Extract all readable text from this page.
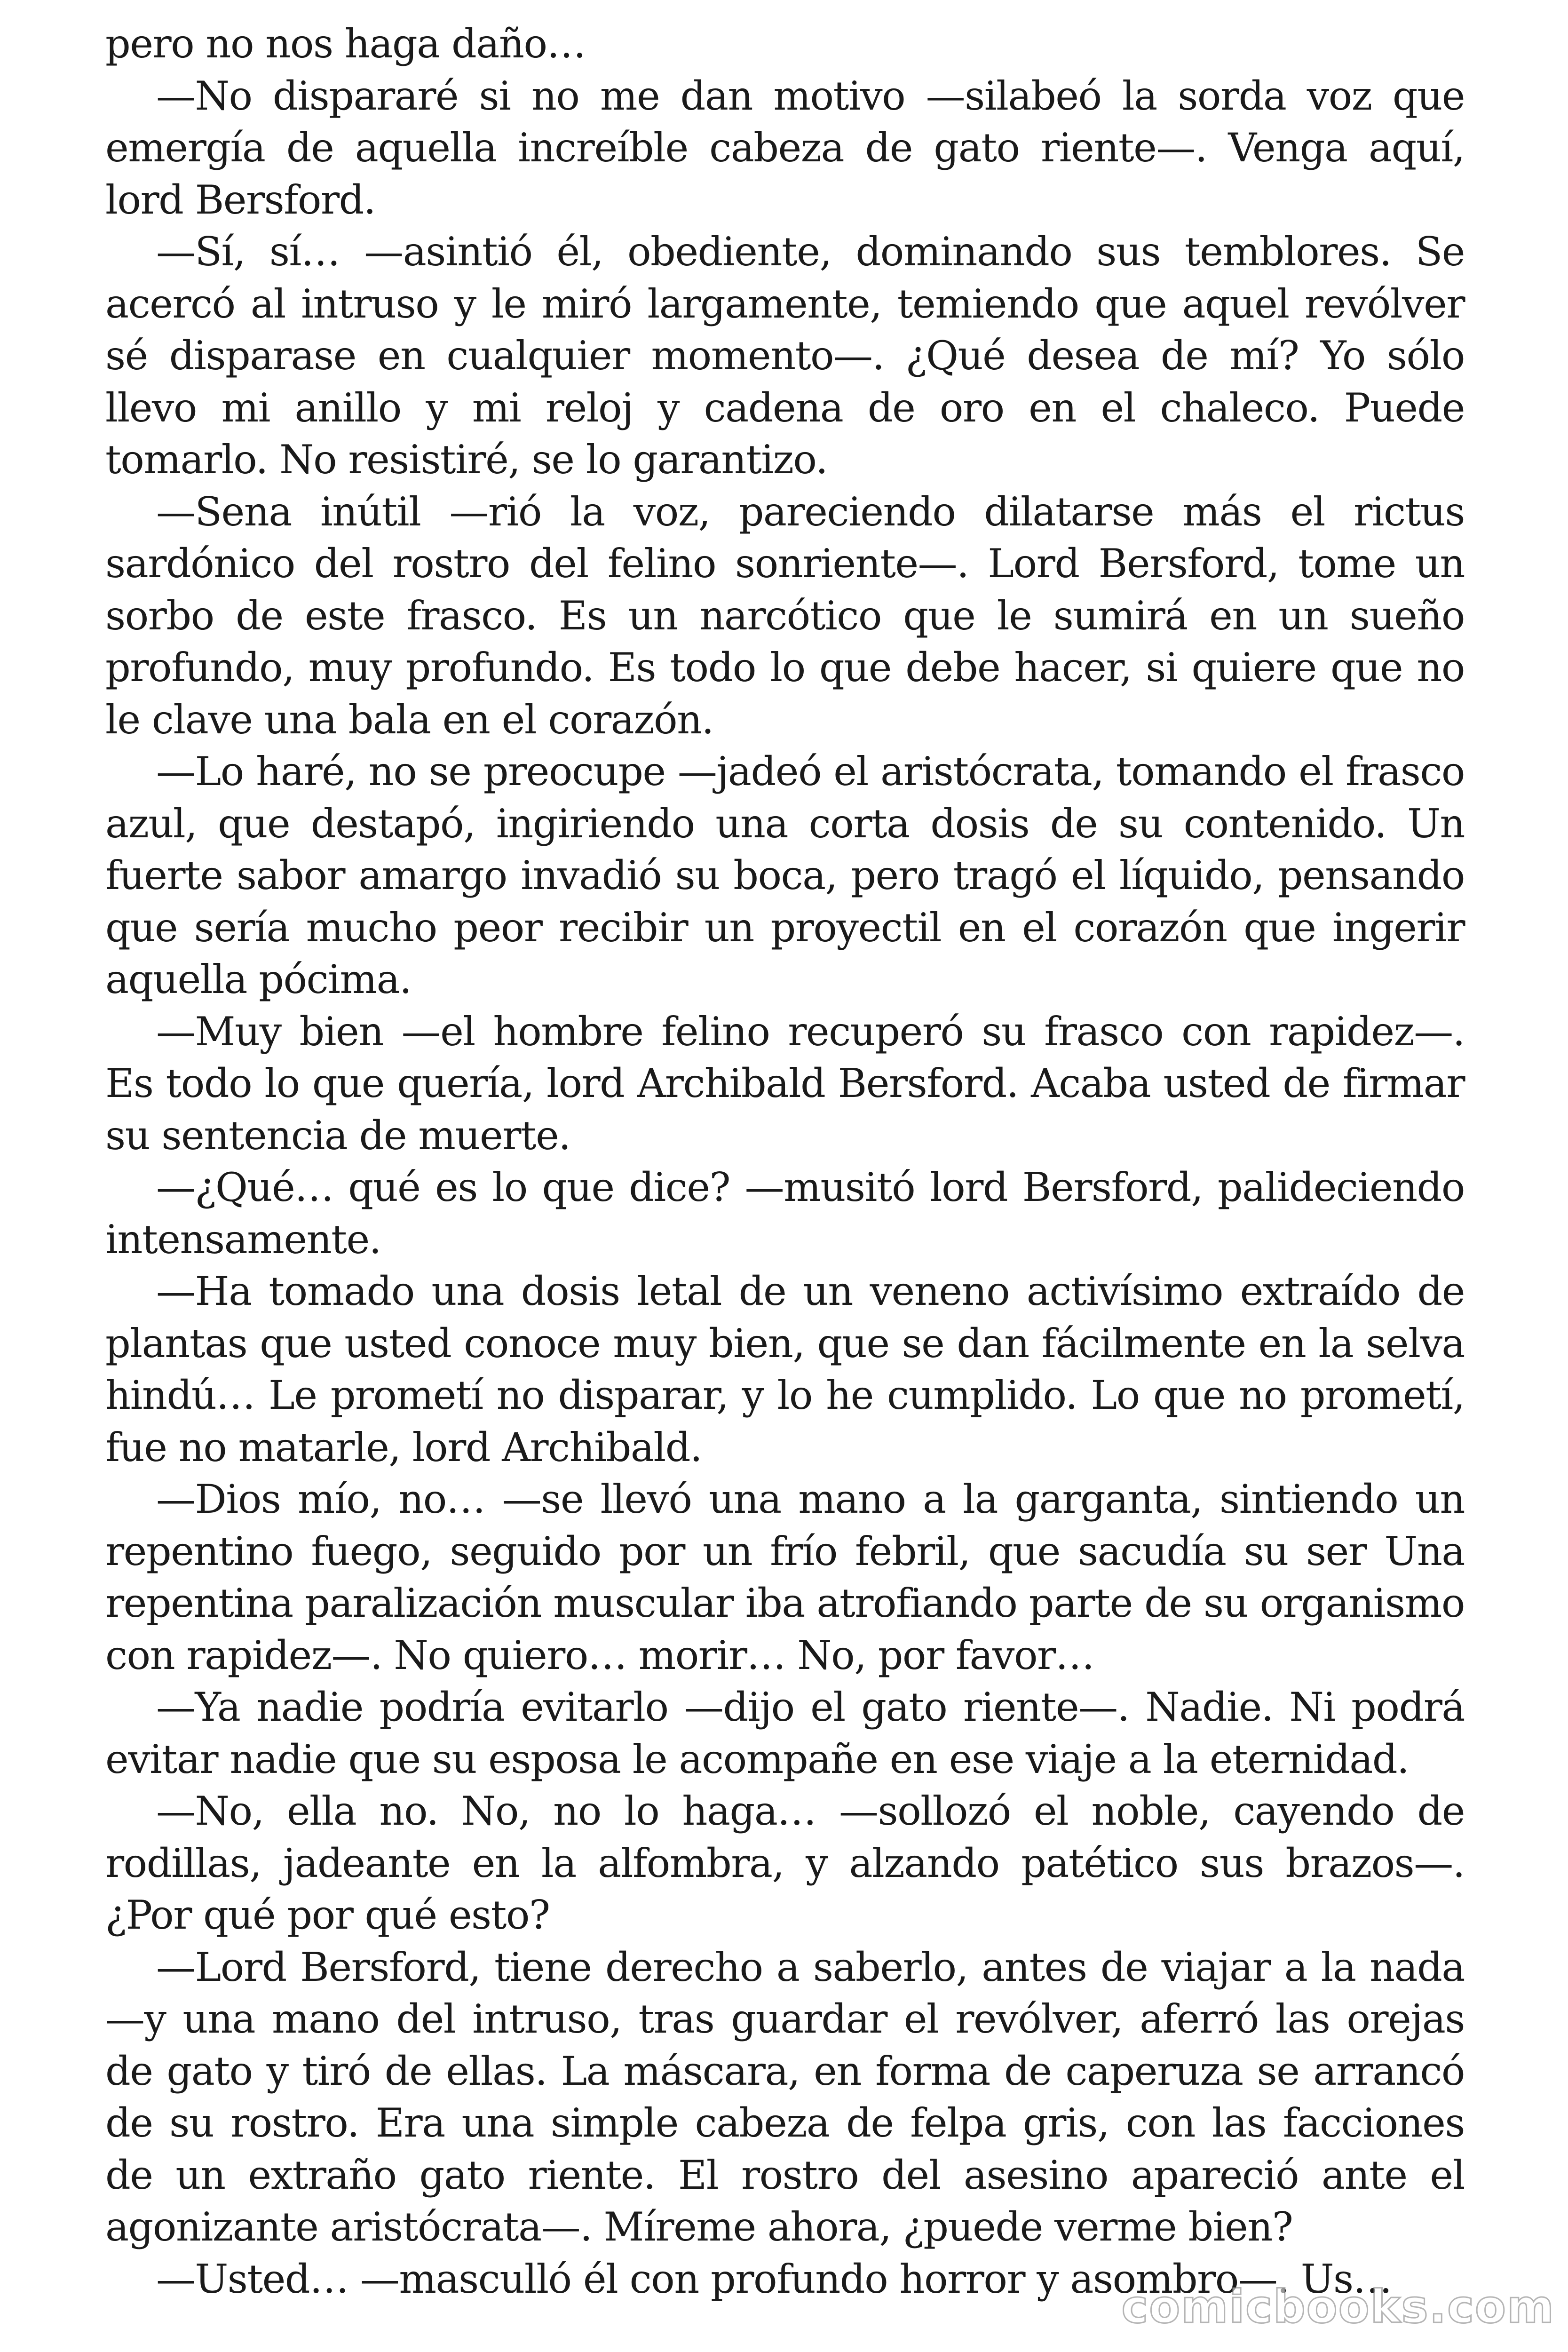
pero no nos haga daño…

—No dispararé si no me dan motivo —silabeó la sorda voz que emergía de aquella increíble cabeza de gato riente—. Venga aquí, lord Bersford.

—Sí, sí… —asintió él, obediente, dominando sus temblores. Se acercó al intruso y le miró largamente, temiendo que aquel revólver sé disparase en cualquier momento—. ¿Qué desea de mí? Yo sólo llevo mi anillo y mi reloj y cadena de oro en el chaleco. Puede tomarlo. No resistiré, se lo garantizo.

—Sena inútil —rió la voz, pareciendo dilatarse más el rictus sardónico del rostro del felino sonriente—. Lord Bersford, tome un sorbo de este frasco. Es un narcótico que le sumirá en un sueño profundo, muy profundo. Es todo lo que debe hacer, si quiere que no le clave una bala en el corazón.

—Lo haré, no se preocupe —jadeó el aristócrata, tomando el frasco azul, que destapó, ingiriendo una corta dosis de su contenido. Un fuerte sabor amargo invadió su boca, pero tragó el líquido, pensando que sería mucho peor recibir un proyectil en el corazón que ingerir aquella pócima.

—Muy bien —el hombre felino recuperó su frasco con rapidez—. Es todo lo que quería, lord Archibald Bersford. Acaba usted de firmar su sentencia de muerte.

—¿Qué… qué es lo que dice? —musitó lord Bersford, palideciendo intensamente.

—Ha tomado una dosis letal de un veneno activísimo extraído de plantas que usted conoce muy bien, que se dan fácilmente en la selva hindú… Le prometí no disparar, y lo he cumplido. Lo que no prometí, fue no matarle, lord Archibald.

—Dios mío, no… —se llevó una mano a la garganta, sintiendo un repentino fuego, seguido por un frío febril, que sacudía su ser Una repentina paralización muscular iba atrofiando parte de su organismo con rapidez—. No quiero… morir… No, por favor…

—Ya nadie podría evitarlo —dijo el gato riente—. Nadie. Ni podrá evitar nadie que su esposa le acompañe en ese viaje a la eternidad.

—No, ella no. No, no lo haga… —sollozó el noble, cayendo de rodillas, jadeante en la alfombra, y alzando patético sus brazos—. ¿Por qué por qué esto?

—Lord Bersford, tiene derecho a saberlo, antes de viajar a la nada —y una mano del intruso, tras guardar el revólver, aferró las orejas de gato y tiró de ellas. La máscara, en forma de caperuza se arrancó de su rostro. Era una simple cabeza de felpa gris, con las facciones de un extraño gato riente. El rostro del asesino apareció ante el agonizante aristócrata—. Míreme ahora, ¿puede verme bien?

—Usted… —masculló él con profundo horror y asombro—. Us…

comicbooks.com
